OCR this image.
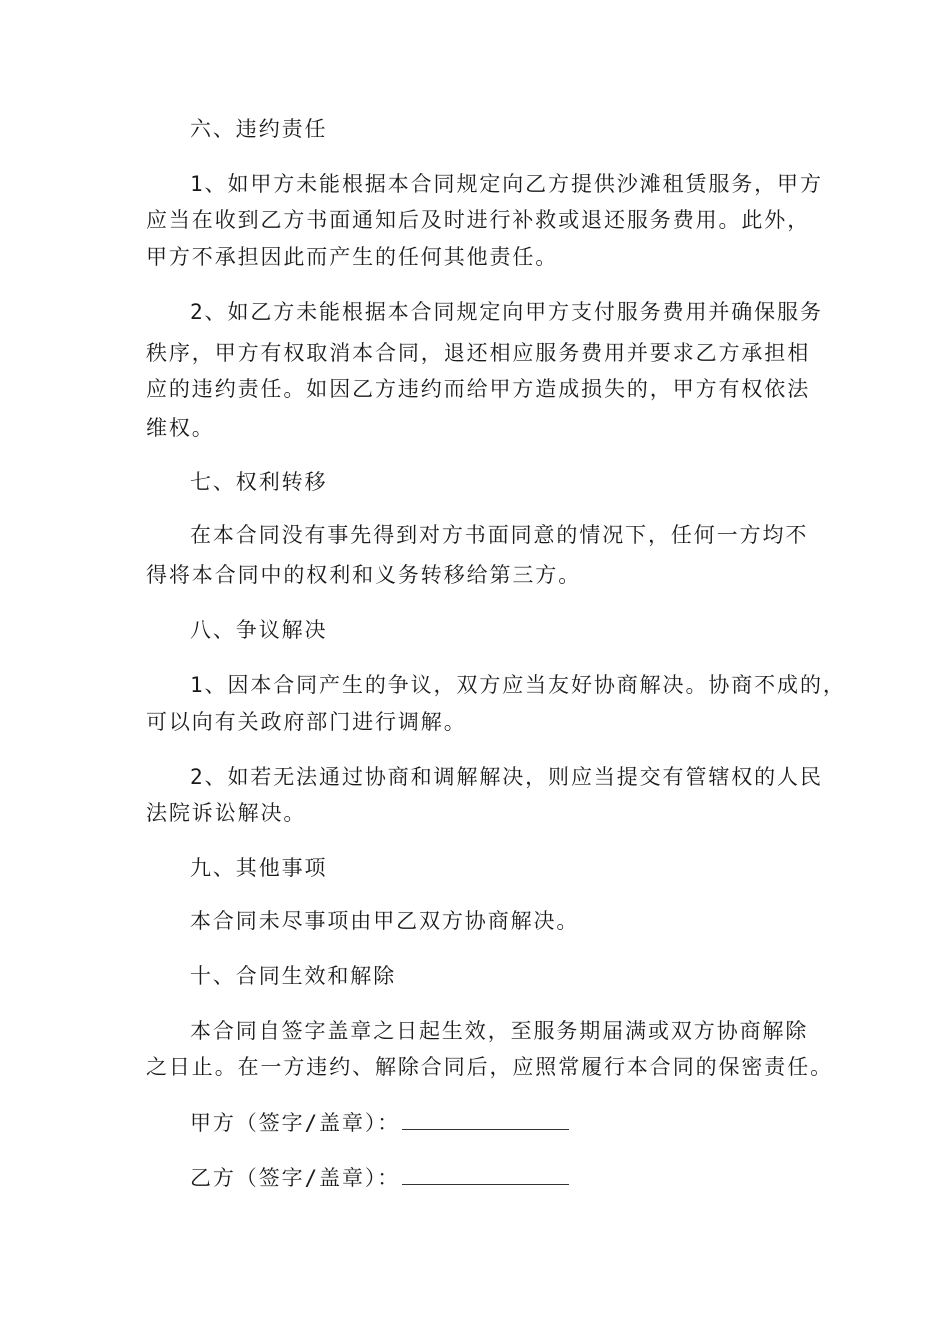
六、违约责任
1、如甲方未能根据本合同规定向乙方提供沙滩租赁服务，甲方
应当在收到乙方书面通知后及时进行补救或退还服务费用。此外，
甲方不承担因此而产生的任何其他责任。
2、如乙方未能根据本合同规定向甲方支付服务费用并确保服务
秩序，甲方有权取消本合同，退还相应服务费用并要求乙方承担相
应的违约责任。如因乙方违约而给甲方造成损失的，甲方有权依法
维权。
七、权利转移
在本合同没有事先得到对方书面同意的情况下，任何一方均不
得将本合同中的权利和义务转移给第三方。
八、争议解决
1、因本合同产生的争议，双方应当友好协商解决。协商不成的，
可以向有关政府部门进行调解。
2、如若无法通过协商和调解解决，则应当提交有管辖权的人民
法院诉讼解决。
九、其他事项
本合同未尽事项由甲乙双方协商解决。
十、合同生效和解除
本合同自签字盖章之日起生效，至服务期届满或双方协商解除
之日止。在一方违约、解除合同后，应照常履行本合同的保密责任。
甲方（签字/盖章）：
乙方（签字/盖章）：
